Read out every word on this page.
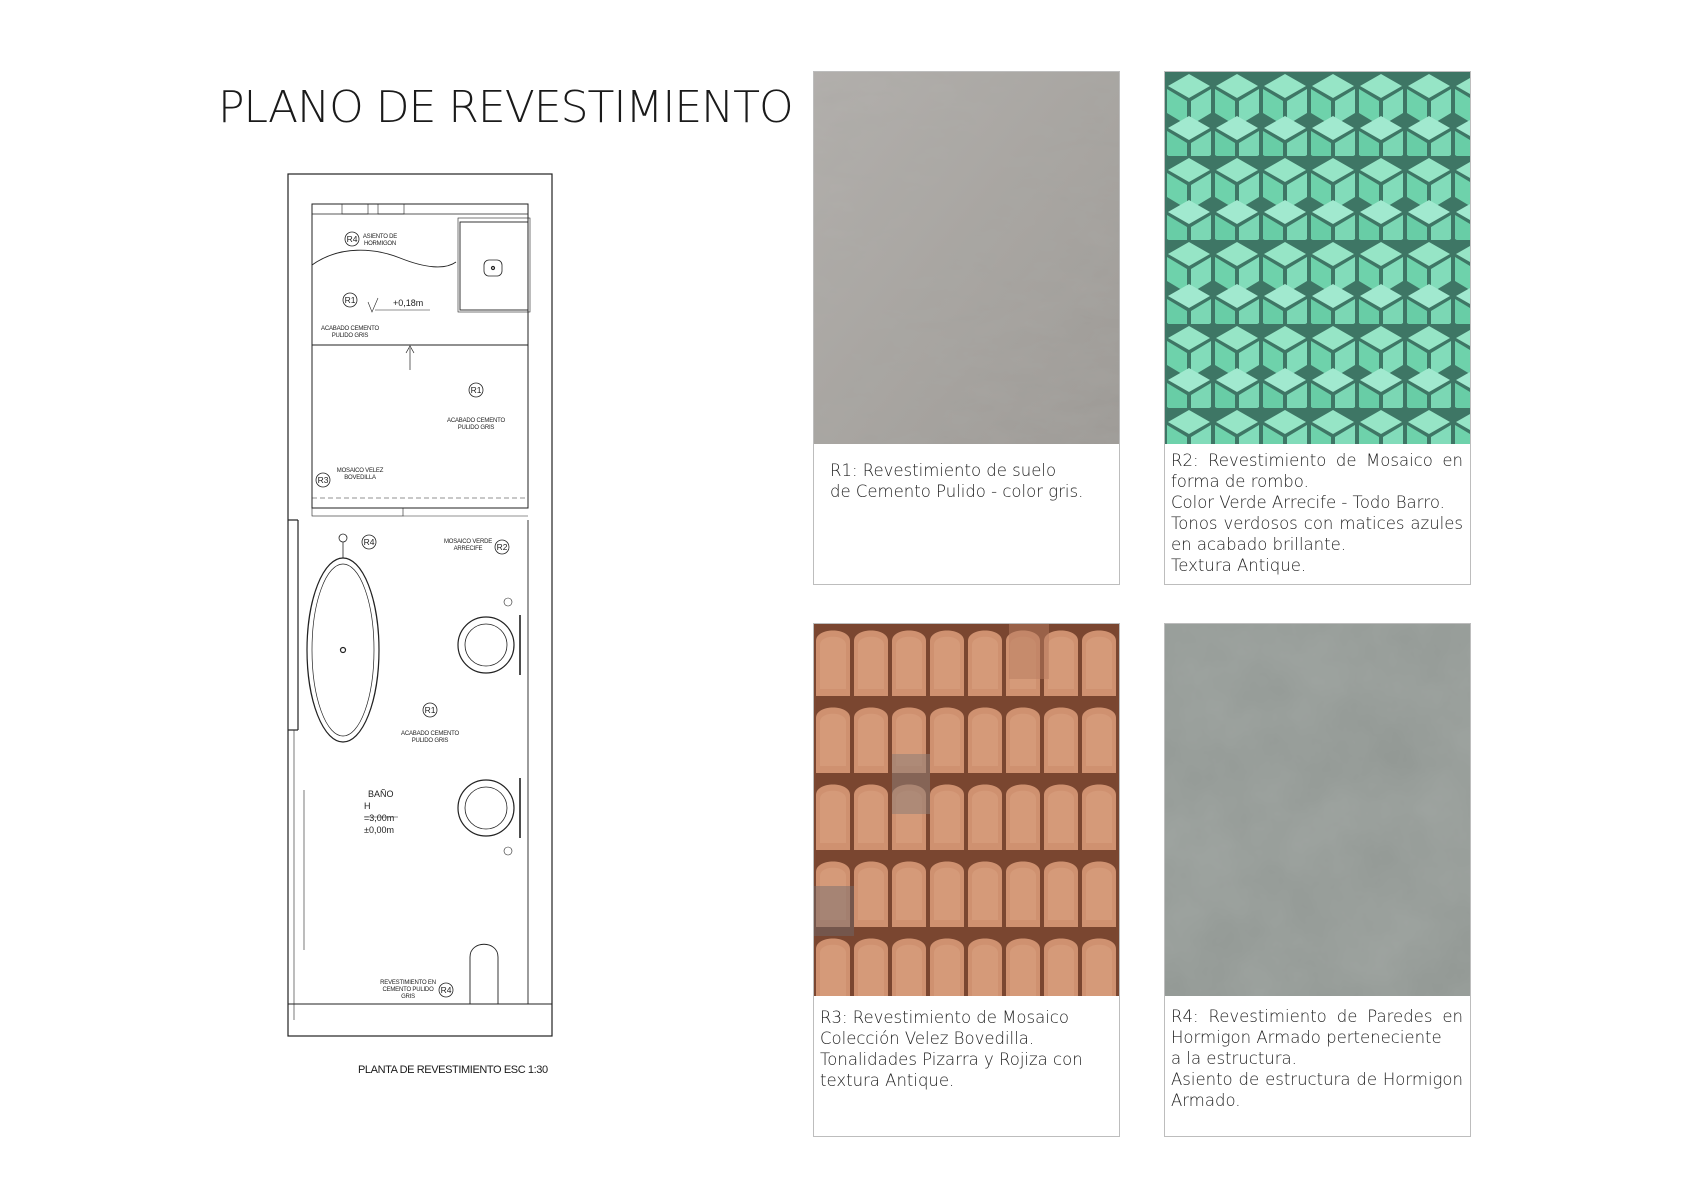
PLANO DE REVESTIMIENTO
R4
R1
R1
R3
R4	R2
R1
R4
ASIENTO DE
HORMIGON
ACABADO CEMENTO
PULIDO GRIS
ACABADO CEMENTO
PULIDO GRIS
MOSAICO VELEZ
BOVEDILLA
MOSAICO VERDE
ARRECIFE
ACABADO CEMENTO
PULIDO GRIS
REVESTIMIENTO EN
CEMENTO PULIDO
GRIS
+0,18m
BAÑO
H
=3,00m
±0,00m
PLANTA DE REVESTIMIENTO ESC 1:30
R1: Revestimiento de suelo
de Cemento Pulido - color gris.
R2: Revestimiento de Mosaico en forma de rombo.
Color Verde Arrecife - Todo Barro.
Tonos verdosos con matices azules en acabado brillante.
Textura Antique.
R3: Revestimiento de Mosaico
Colección Velez Bovedilla.
Tonalidades Pizarra y Rojiza con
textura Antique.
R4: Revestimiento de Paredes en Hormigon Armado perteneciente
a la estructura.
Asiento de estructura de Hormigon Armado.
